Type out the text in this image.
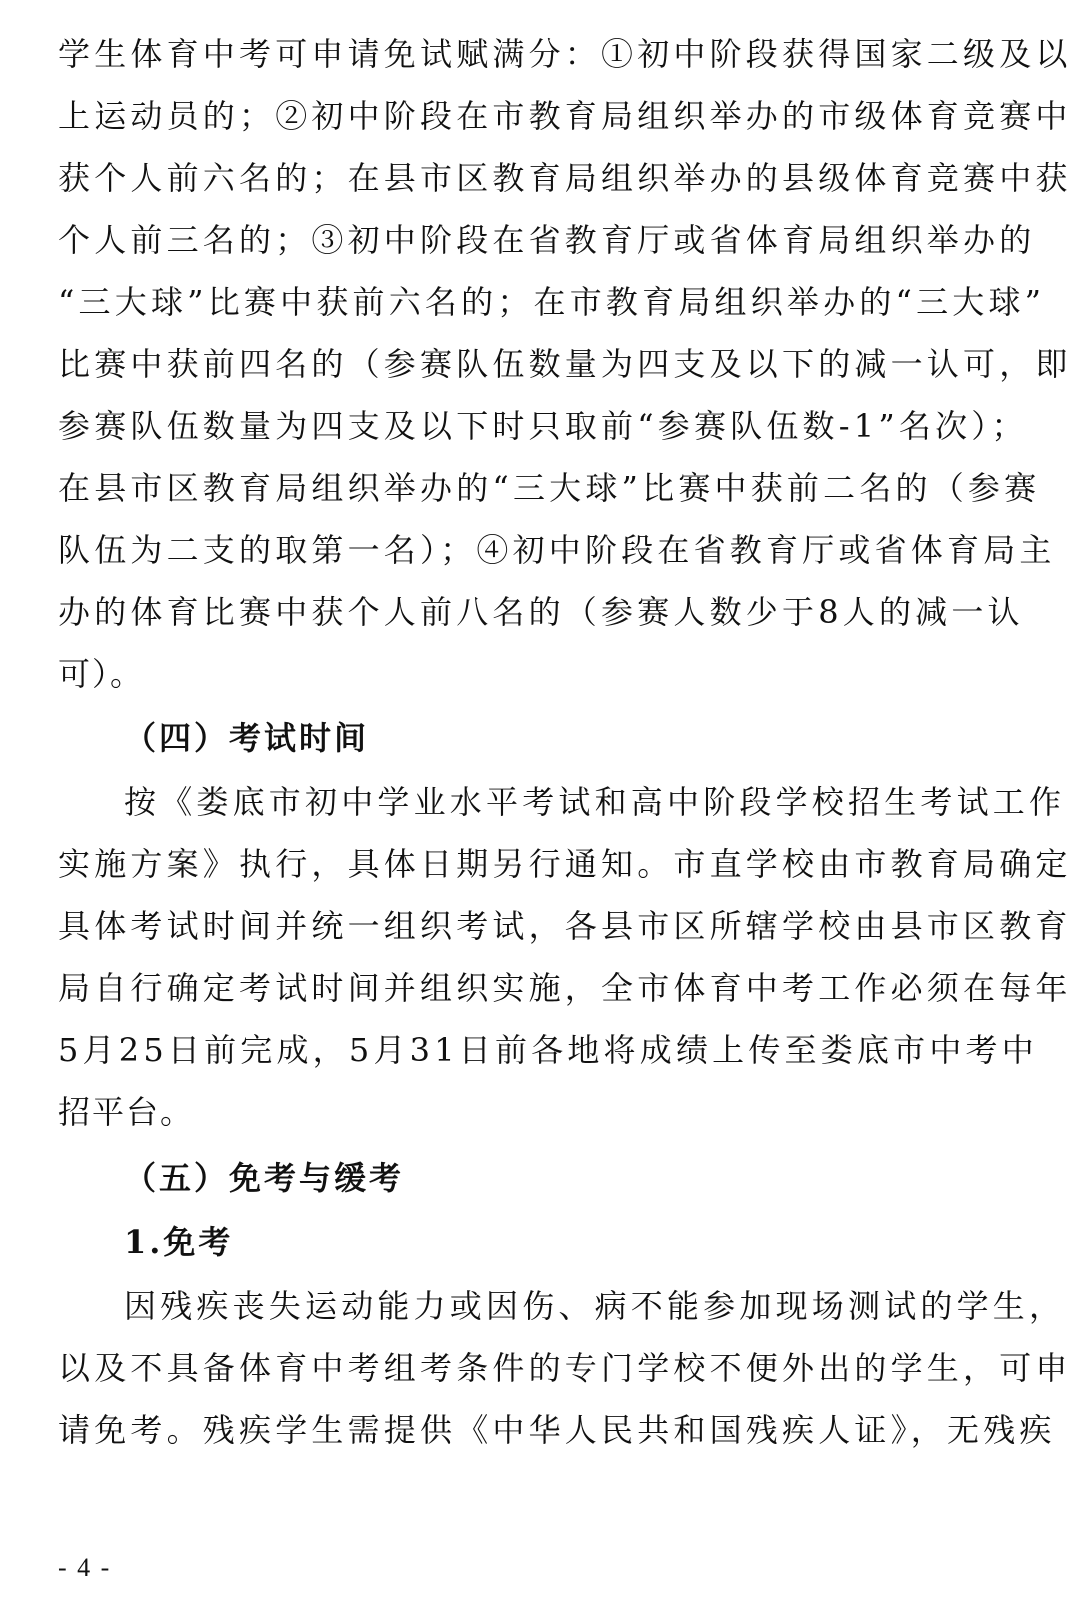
学生体育中考可申请免试赋满分：①初中阶段获得国家二级及以
上运动员的；②初中阶段在市教育局组织举办的市级体育竞赛中
获个人前六名的；在县市区教育局组织举办的县级体育竞赛中获
个人前三名的；③初中阶段在省教育厅或省体育局组织举办的
“三大球”比赛中获前六名的；在市教育局组织举办的“三大球”
比赛中获前四名的（参赛队伍数量为四支及以下的减一认可，即
参赛队伍数量为四支及以下时只取前“参赛队伍数-1”名次）；
在县市区教育局组织举办的“三大球”比赛中获前二名的（参赛
队伍为二支的取第一名）；④初中阶段在省教育厅或省体育局主
办的体育比赛中获个人前八名的（参赛人数少于8人的减一认
可）。
（四）考试时间
按《娄底市初中学业水平考试和高中阶段学校招生考试工作
实施方案》执行，具体日期另行通知。市直学校由市教育局确定
具体考试时间并统一组织考试，各县市区所辖学校由县市区教育
局自行确定考试时间并组织实施，全市体育中考工作必须在每年
5月25日前完成，5月31日前各地将成绩上传至娄底市中考中
招平台。
（五）免考与缓考
1.免考
因残疾丧失运动能力或因伤、病不能参加现场测试的学生，
以及不具备体育中考组考条件的专门学校不便外出的学生，可申
请免考。残疾学生需提供《中华人民共和国残疾人证》，无残疾
- 4 -
